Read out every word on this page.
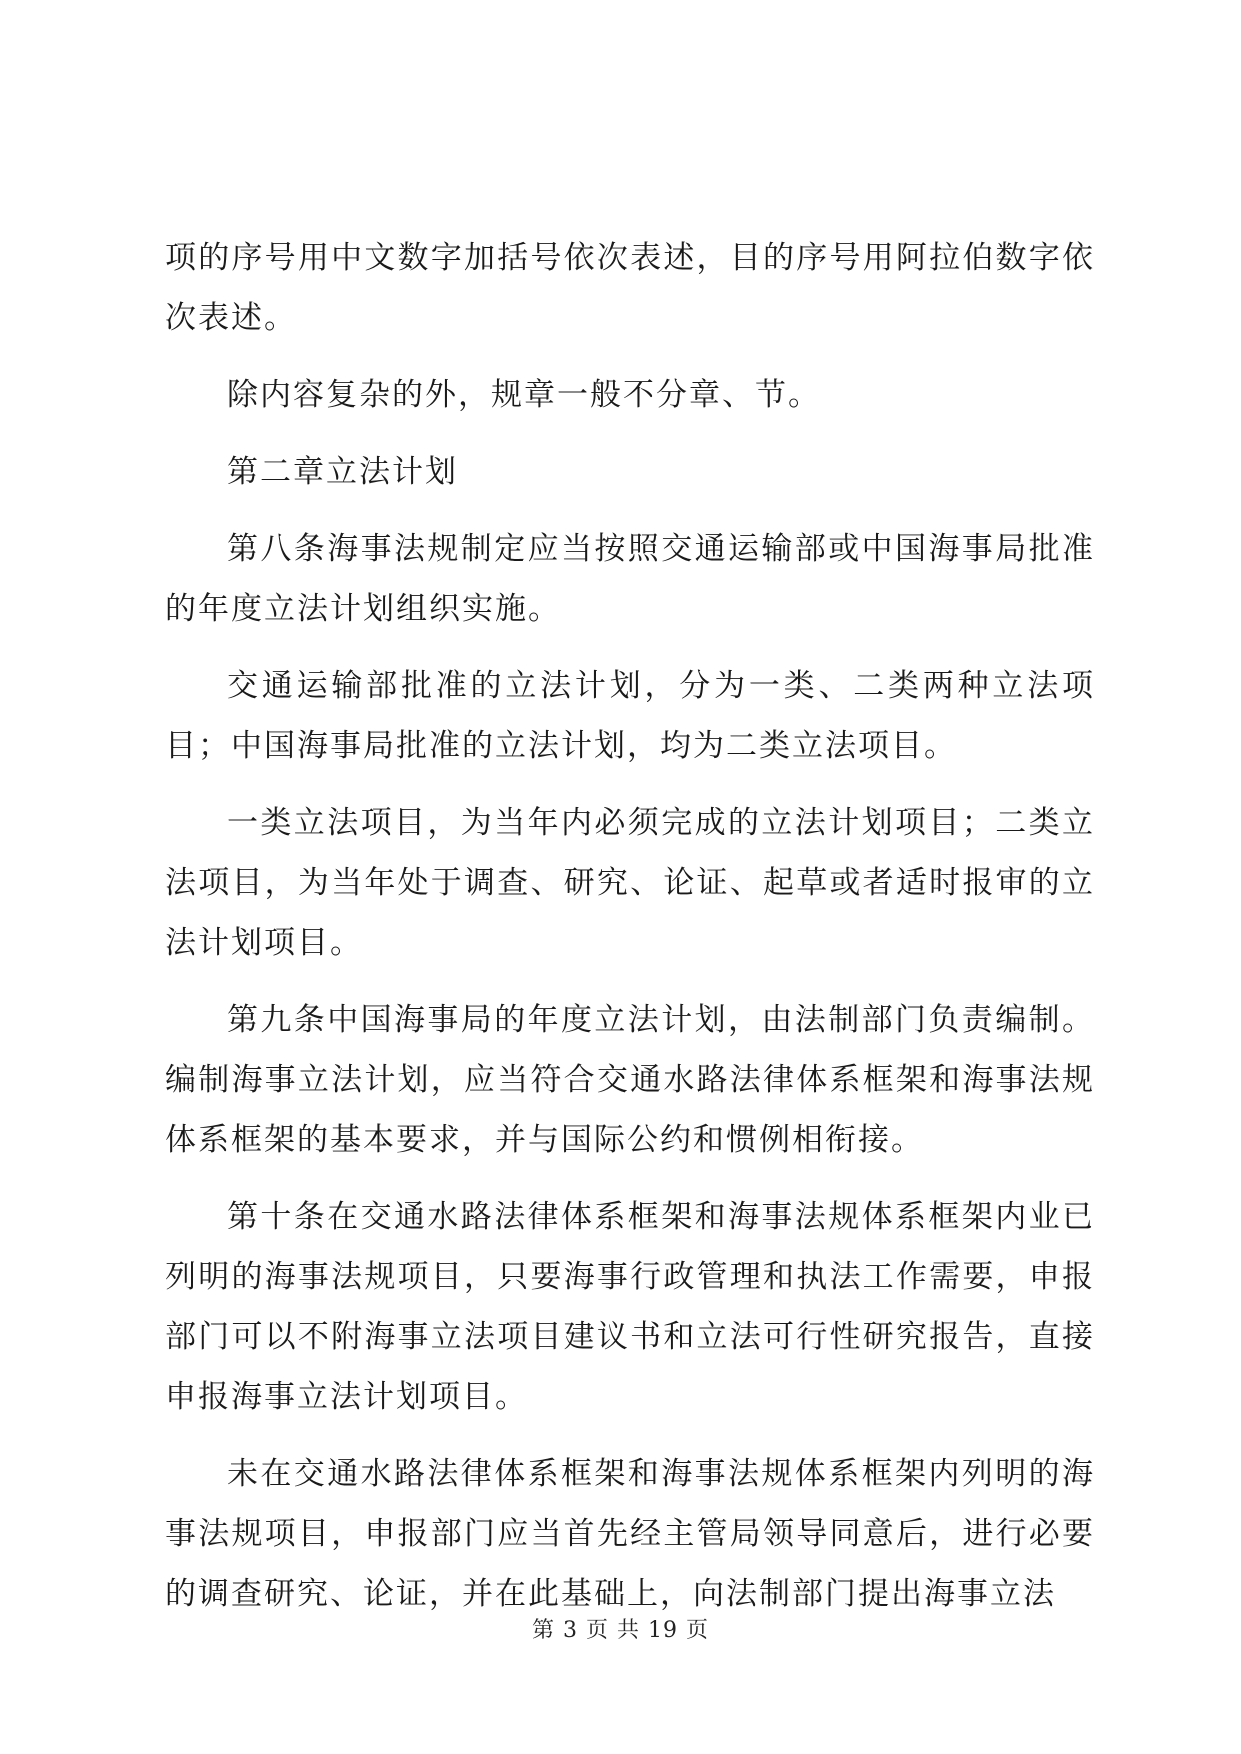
项的序号用中文数字加括号依次表述，目的序号用阿拉伯数字依次表述。

除内容复杂的外，规章一般不分章、节。

第二章立法计划

第八条海事法规制定应当按照交通运输部或中国海事局批准的年度立法计划组织实施。

交通运输部批准的立法计划，分为一类、二类两种立法项目；中国海事局批准的立法计划，均为二类立法项目。

一类立法项目，为当年内必须完成的立法计划项目；二类立法项目，为当年处于调查、研究、论证、起草或者适时报审的立法计划项目。

第九条中国海事局的年度立法计划，由法制部门负责编制。编制海事立法计划，应当符合交通水路法律体系框架和海事法规体系框架的基本要求，并与国际公约和惯例相衔接。

第十条在交通水路法律体系框架和海事法规体系框架内业已列明的海事法规项目，只要海事行政管理和执法工作需要，申报部门可以不附海事立法项目建议书和立法可行性研究报告，直接申报海事立法计划项目。

未在交通水路法律体系框架和海事法规体系框架内列明的海事法规项目，申报部门应当首先经主管局领导同意后，进行必要的调查研究、论证，并在此基础上，向法制部门提出海事立法

第 3 页 共 19 页
